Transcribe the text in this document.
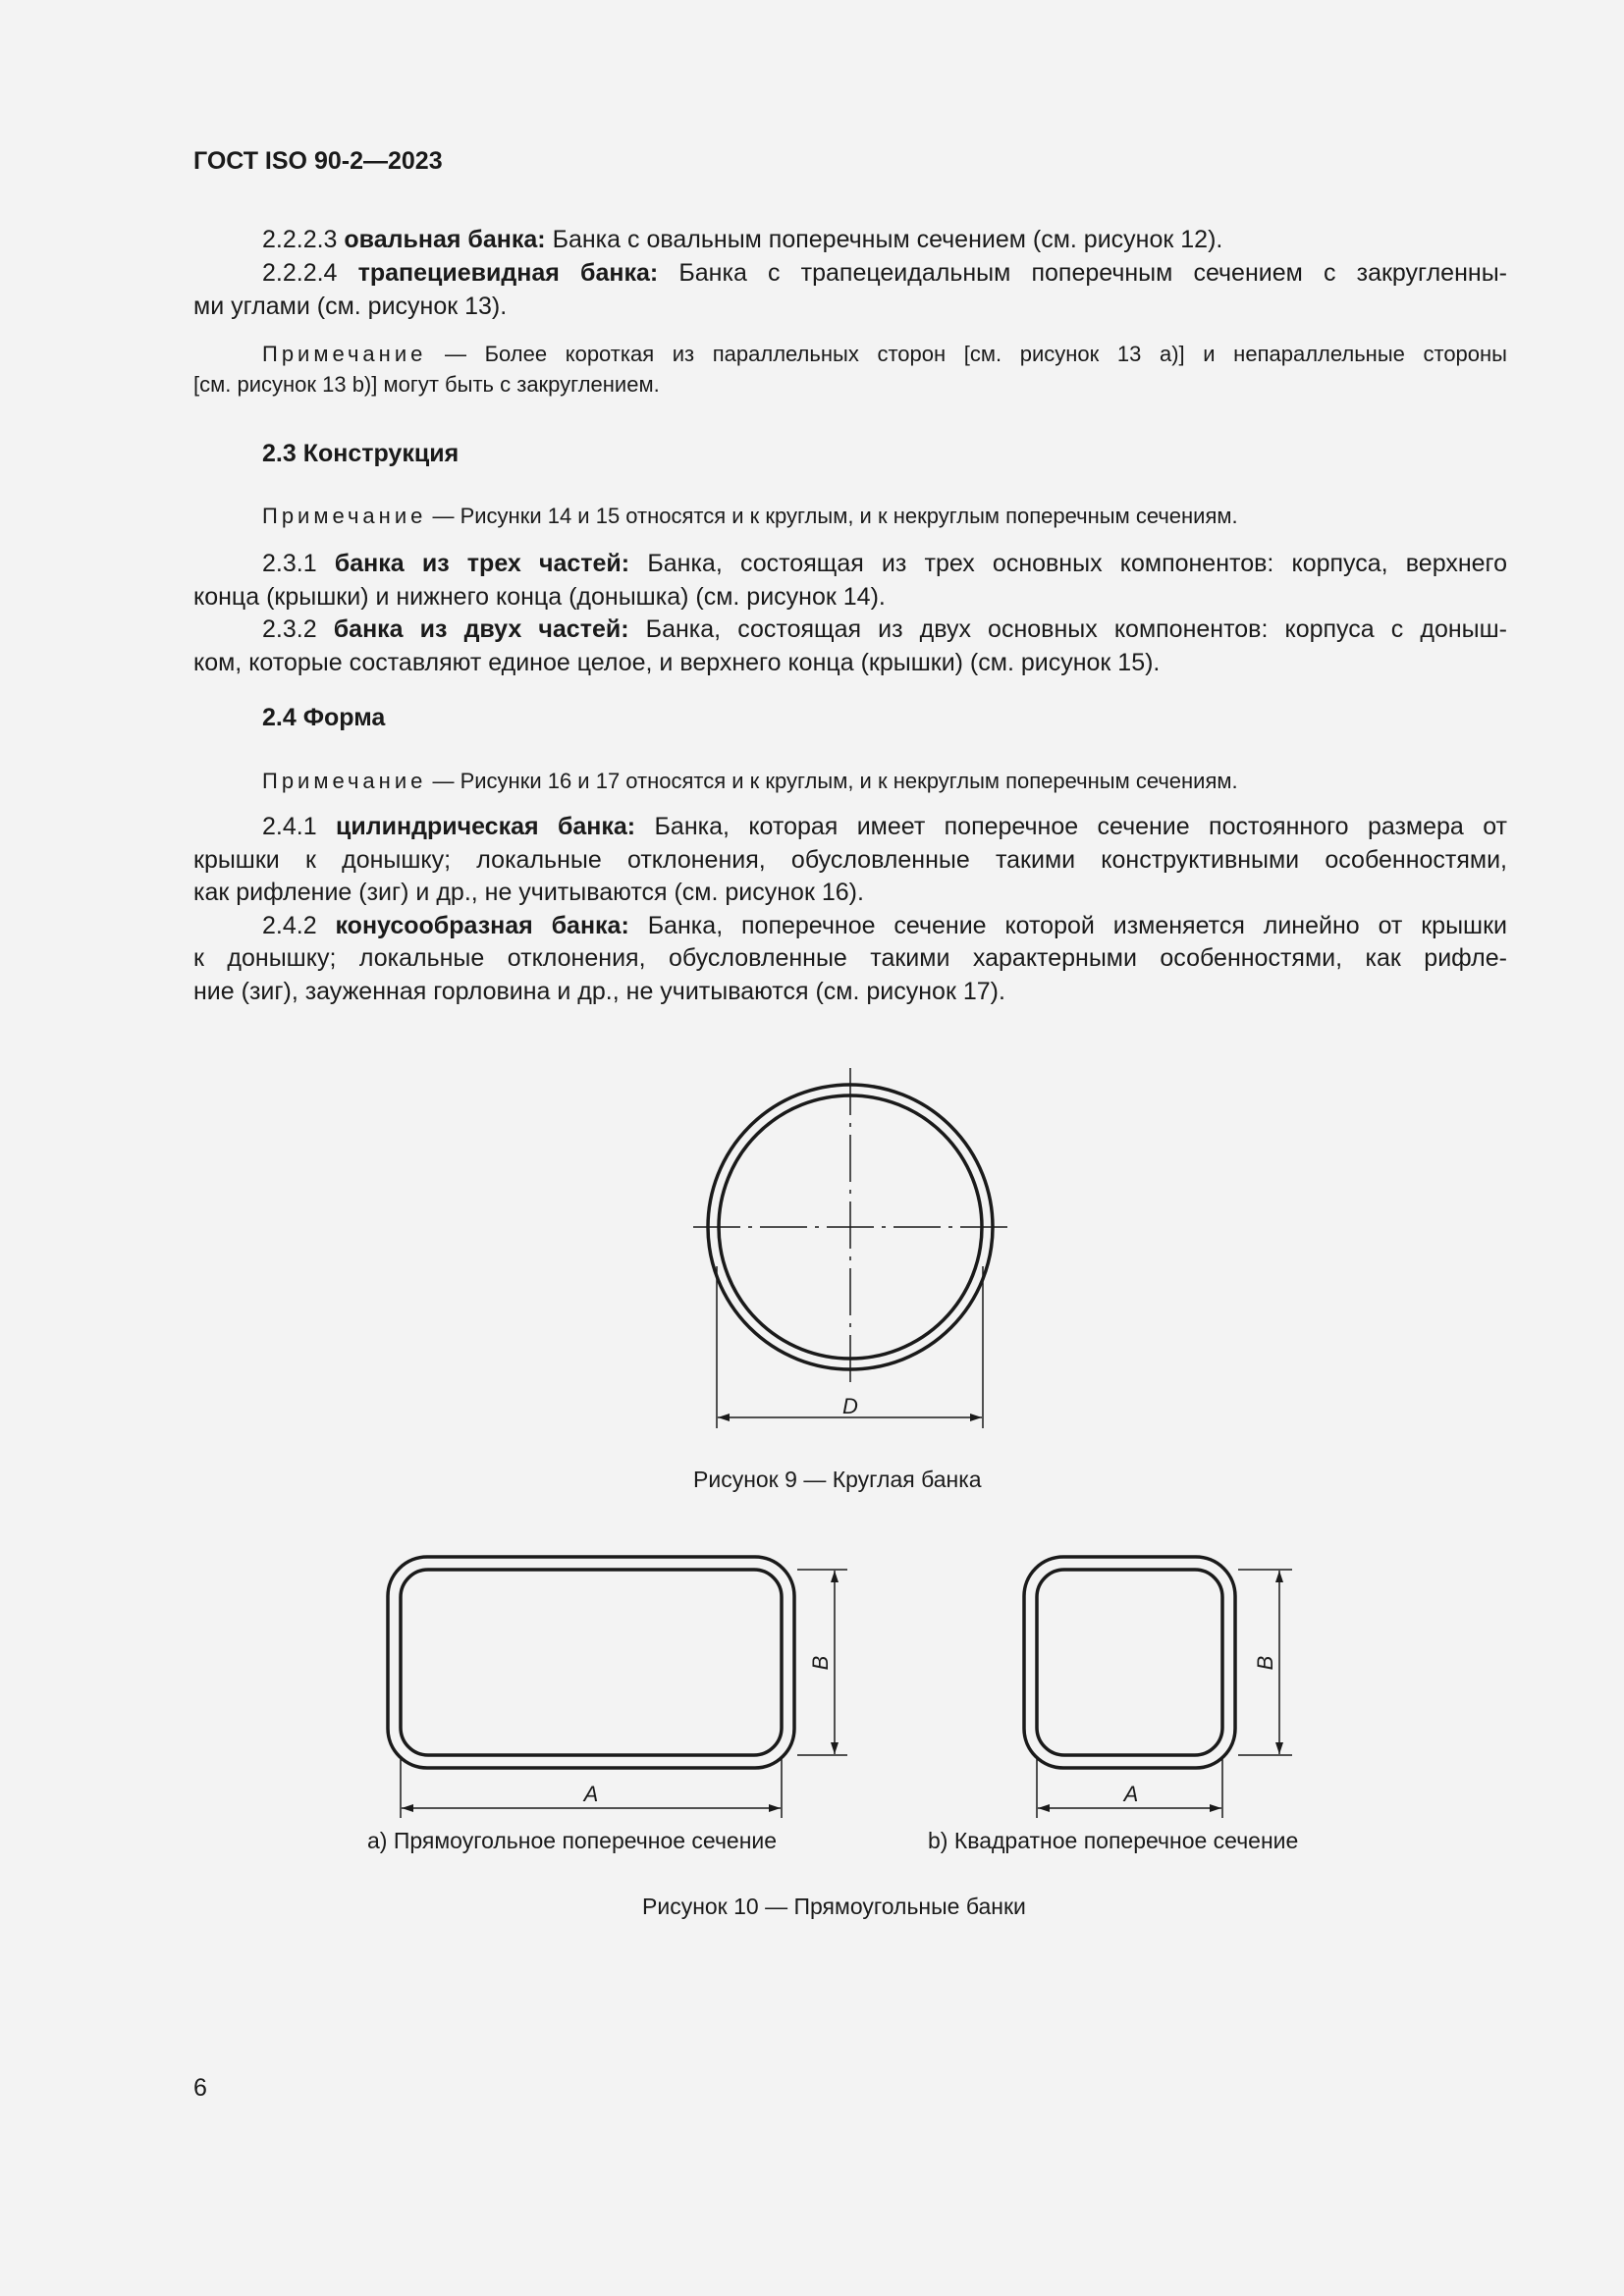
ГОСТ ISO 90-2—2023
2.2.2.3 овальная банка: Банка с овальным поперечным сечением (см. рисунок 12).
2.2.2.4 трапециевидная банка: Банка с трапецеидальным поперечным сечением с закругленны-
ми углами (см. рисунок 13).
Примечание — Более короткая из параллельных сторон [см. рисунок 13 a)] и непараллельные стороны
[см. рисунок 13 b)] могут быть с закруглением.
2.3 Конструкция
Примечание — Рисунки 14 и 15 относятся и к круглым, и к некруглым поперечным сечениям.
2.3.1 банка из трех частей: Банка, состоящая из трех основных компонентов: корпуса, верхнего
конца (крышки) и нижнего конца (донышка) (см. рисунок 14).
2.3.2 банка из двух частей: Банка, состоящая из двух основных компонентов: корпуса с доныш-
ком, которые составляют единое целое, и верхнего конца (крышки) (см. рисунок 15).
2.4 Форма
Примечание — Рисунки 16 и 17 относятся и к круглым, и к некруглым поперечным сечениям.
2.4.1 цилиндрическая банка: Банка, которая имеет поперечное сечение постоянного размера от
крышки к донышку; локальные отклонения, обусловленные такими конструктивными особенностями,
как рифление (зиг) и др., не учитываются (см. рисунок 16).
2.4.2 конусообразная банка: Банка, поперечное сечение которой изменяется линейно от крышки
к донышку; локальные отклонения, обусловленные такими характерными особенностями, как рифле-
ние (зиг), зауженная горловина и др., не учитываются (см. рисунок 17).
D
A
B
A
B
Рисунок 9 — Круглая банка
a) Прямоугольное поперечное сечение	b) Квадратное поперечное сечение
Рисунок 10 — Прямоугольные банки
6
